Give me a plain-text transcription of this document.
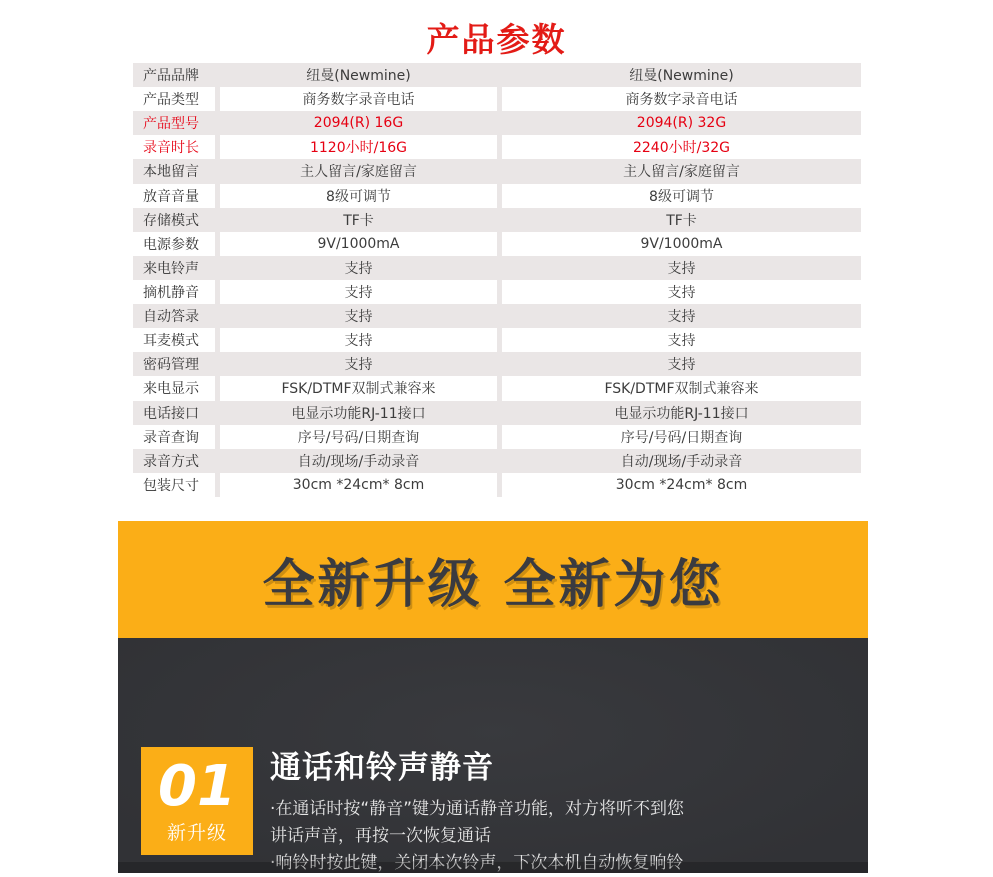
产品参数
产品品牌	纽曼(Newmine)	纽曼(Newmine)
产品类型	商务数字录音电话	商务数字录音电话
产品型号	2094(R) 16G	2094(R) 32G
录音时长	1120小时/16G	2240小时/32G
本地留言	主人留言/家庭留言	主人留言/家庭留言
放音音量	8级可调节	8级可调节
存储模式	TF卡	TF卡
电源参数	9V/1000mA	9V/1000mA
来电铃声	支持	支持
摘机静音	支持	支持
自动答录	支持	支持
耳麦模式	支持	支持
密码管理	支持	支持
来电显示	FSK/DTMF双制式兼容来	FSK/DTMF双制式兼容来
电话接口	电显示功能RJ-11接口	电显示功能RJ-11接口
录音查询	序号/号码/日期查询	序号/号码/日期查询
录音方式	自动/现场/手动录音	自动/现场/手动录音
包装尺寸	30cm *24cm* 8cm	30cm *24cm* 8cm
全新升级 全新为您
01
新升级
通话和铃声静音
·在通话时按“静音”键为通话静音功能，对方将听不到您
讲话声音，再按一次恢复通话
·响铃时按此键，关闭本次铃声，下次本机自动恢复响铃
